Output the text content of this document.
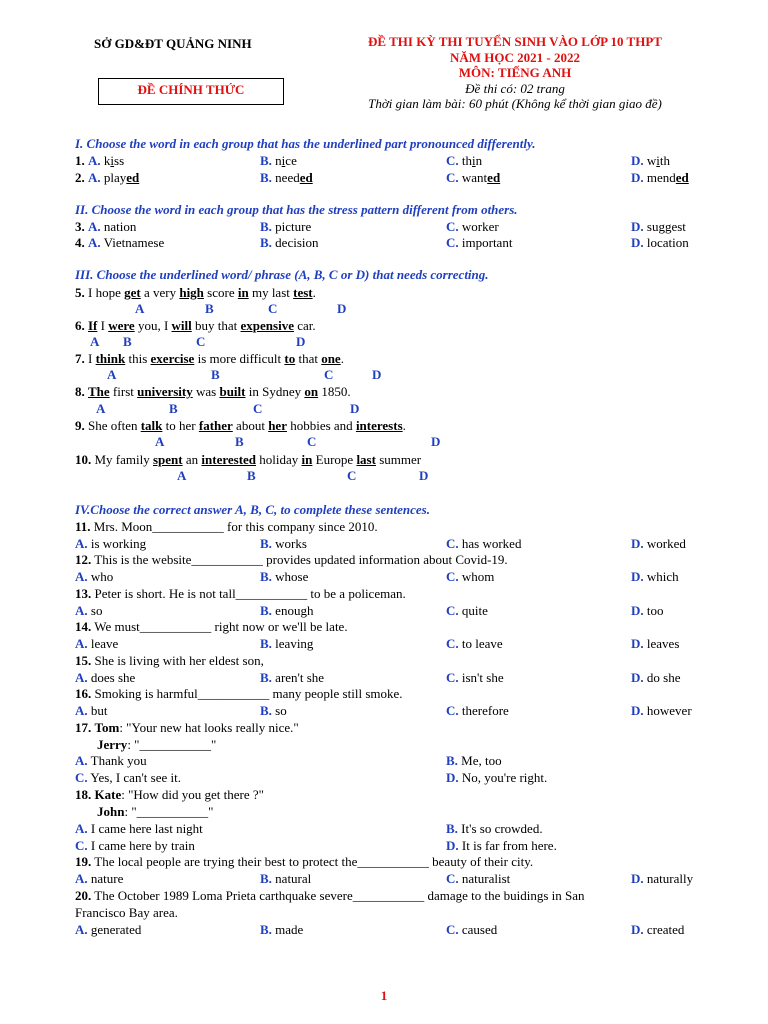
SỞ GD&ĐT QUẢNG NINH	ĐỀ THI KỲ THI TUYỂN SINH VÀO LỚP 10 THPT
NĂM HỌC 2021 - 2022
MÔN: TIẾNG ANH
Đề thi có: 02 trang
Thời gian làm bài: 60 phút (Không kể thời gian giao đề)
ĐỀ CHÍNH THỨC
I. Choose the word in each group that has the underlined part pronounced differently.
1. A. kiss	B. nice	C. thin	D. with
2. A. played	B. needed	C. wanted	D. mended
II. Choose the word in each group that has the stress pattern different from others.
3. A. nation	B. picture	C. worker	D. suggest
4. A. Vietnamese	B. decision	C. important	D. location
III. Choose the underlined word/ phrase (A, B, C or D) that needs correcting.
5. I hope get a very high score in my last test.
A	B	C	D
6. If I were you, I will buy that expensive car.
A B	C	D
7. I think this exercise is more difficult to that one.
A	B	C	D
8. The first university was built in Sydney on 1850.
A	B	C	D
9. She often talk to her father about her hobbies and interests.
A	B	C	D
10. My family spent an interested holiday in Europe last summer
A	B	C	D
IV.Choose the correct answer A, B, C, to complete these sentences.
11. Mrs. Moon___________ for this company since 2010.
A. is working	B. works	C. has worked	D. worked
12. This is the website___________ provides updated information about Covid-19.
A. who	B. whose	C. whom	D. which
13. Peter is short. He is not tall___________ to be a policeman.
A. so	B. enough	C. quite	D. too
14. We must___________ right now or we'll be late.
A. leave	B. leaving	C. to leave	D. leaves
15. She is living with her eldest son,
A. does she	B. aren't she	C. isn't she	D. do she
16. Smoking is harmful___________ many people still smoke.
A. but	B. so	C. therefore	D. however
17. Tom: "Your new hat looks really nice."
Jerry: "___________"
A. Thank you	B. Me, too
C. Yes, I can't see it.	D. No, you're right.
18. Kate: "How did you get there ?"
John: "___________"
A. I came here last night	B. It's so crowded.
C. I came here by train	D. It is far from here.
19. The local people are trying their best to protect the___________ beauty of their city.
A. nature	B. natural	C. naturalist	D. naturally
20. The October 1989 Loma Prieta carthquake severe___________ damage to the buidings in San
Francisco Bay area.
A. generated	B. made	C. caused	D. created
1
